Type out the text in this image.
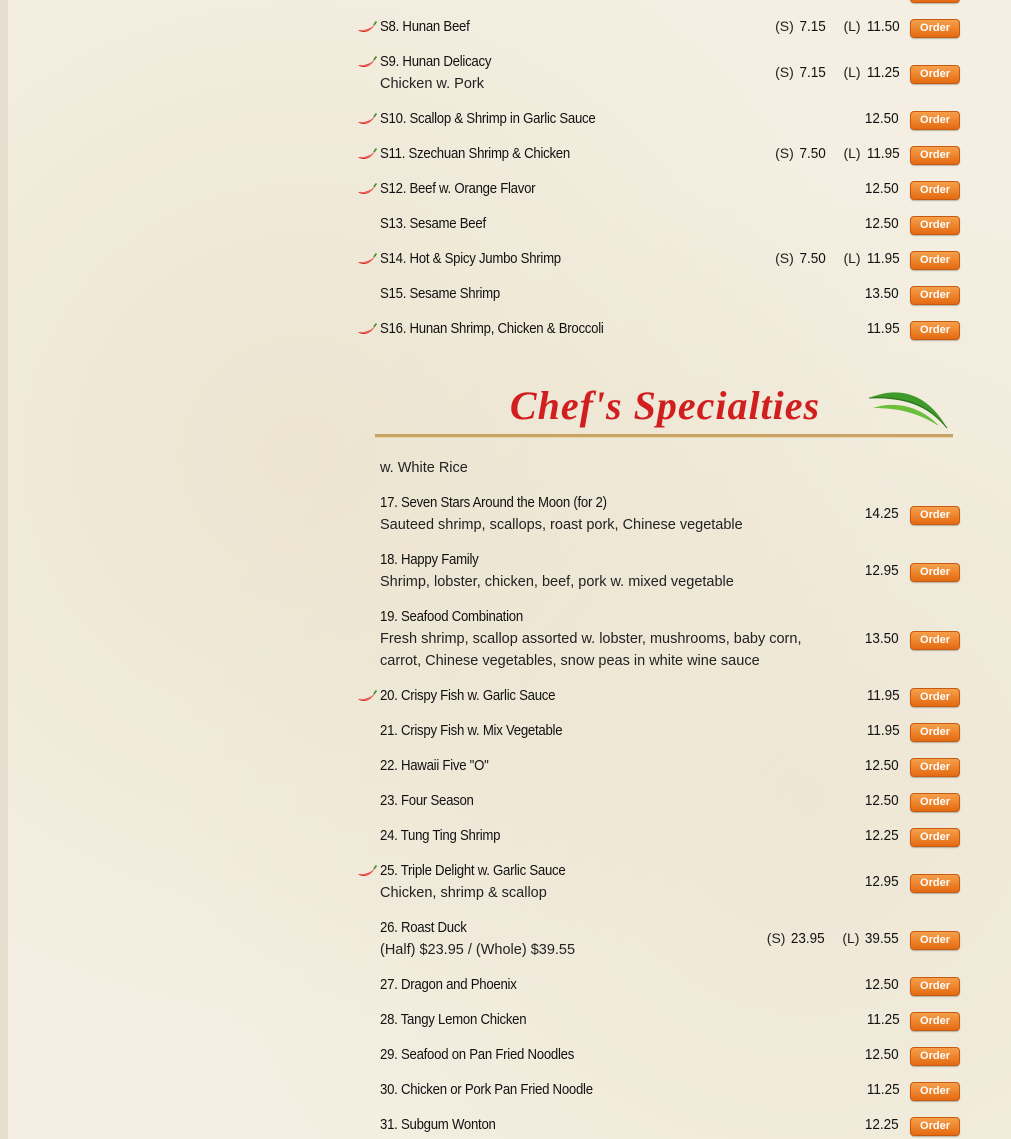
S8. Hunan Beef	(S) 7.15 (L) 11.50	Order
S9. Hunan Delicacy
Chicken w. Pork
(S) 7.15 (L) 11.25	Order
S10. Scallop & Shrimp in Garlic Sauce	12.50	Order
S11. Szechuan Shrimp & Chicken	(S) 7.50 (L) 11.95	Order
S12. Beef w. Orange Flavor	12.50	Order
S13. Sesame Beef	12.50	Order
S14. Hot & Spicy Jumbo Shrimp	(S) 7.50 (L) 11.95	Order
S15. Sesame Shrimp	13.50	Order
S16. Hunan Shrimp, Chicken & Broccoli	11.95	Order
w. White Rice
17. Seven Stars Around the Moon (for 2)
Sauteed shrimp, scallops, roast pork, Chinese vegetable
14.25	Order
18. Happy Family
Shrimp, lobster, chicken, beef, pork w. mixed vegetable
12.95	Order
19. Seafood Combination
Fresh shrimp, scallop assorted w. lobster, mushrooms, baby corn,
carrot, Chinese vegetables, snow peas in white wine sauce
13.50	Order
20. Crispy Fish w. Garlic Sauce	11.95	Order
21. Crispy Fish w. Mix Vegetable	11.95	Order
22. Hawaii Five "O"	12.50	Order
23. Four Season	12.50	Order
24. Tung Ting Shrimp	12.25	Order
25. Triple Delight w. Garlic Sauce
Chicken, shrimp & scallop
12.95	Order
26. Roast Duck
(Half) $23.95 / (Whole) $39.55
(S) 23.95 (L) 39.55	Order
27. Dragon and Phoenix	12.50	Order
28. Tangy Lemon Chicken	11.25	Order
29. Seafood on Pan Fried Noodles	12.50	Order
30. Chicken or Pork Pan Fried Noodle	11.25	Order
31. Subgum Wonton	12.25	Order
Chef's Specialties
